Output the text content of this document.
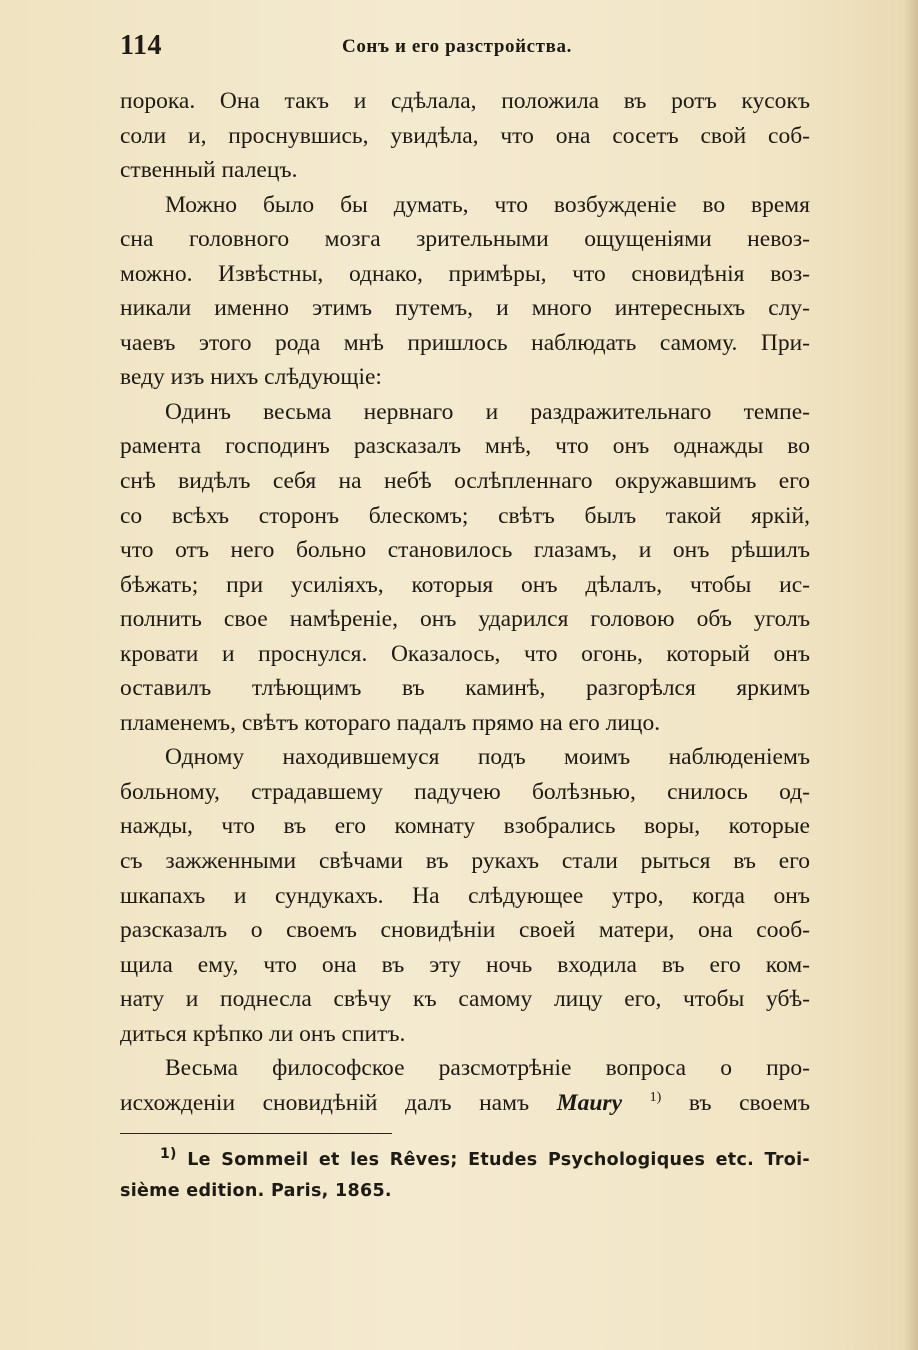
114	Сонъ и его разстройства.
порока. Она такъ и сдѣлала, положила въ ротъ кусокъ
соли и, проснувшись, увидѣла, что она сосетъ свой соб-
ственный палецъ.
Можно было бы думать, что возбужденіе во время
сна головного мозга зрительными ощущеніями невоз-
можно. Извѣстны, однако, примѣры, что сновидѣнія воз-
никали именно этимъ путемъ, и много интересныхъ слу-
чаевъ этого рода мнѣ пришлось наблюдать самому. При-
веду изъ нихъ слѣдующіе:
Одинъ весьма нервнаго и раздражительнаго темпе-
рамента господинъ разсказалъ мнѣ, что онъ однажды во
снѣ видѣлъ себя на небѣ ослѣпленнаго окружавшимъ его
со всѣхъ сторонъ блескомъ; свѣтъ былъ такой яркій,
что отъ него больно становилось глазамъ, и онъ рѣшилъ
бѣжать; при усиліяхъ, которыя онъ дѣлалъ, чтобы ис-
полнить свое намѣреніе, онъ ударился головою объ уголъ
кровати и проснулся. Оказалось, что огонь, который онъ
оставилъ тлѣющимъ въ каминѣ, разгорѣлся яркимъ
пламенемъ, свѣтъ котораго падалъ прямо на его лицо.
Одному находившемуся подъ моимъ наблюденіемъ
больному, страдавшему падучею болѣзнью, снилось од-
нажды, что въ его комнату взобрались воры, которые
съ зажженными свѣчами въ рукахъ стали рыться въ его
шкапахъ и сундукахъ. На слѣдующее утро, когда онъ
разсказалъ о своемъ сновидѣніи своей матери, она сооб-
щила ему, что она въ эту ночь входила въ его ком-
нату и поднесла свѣчу къ самому лицу его, чтобы убѣ-
диться крѣпко ли онъ спитъ.
Весьма философское разсмотрѣніе вопроса о про-
исхожденіи сновидѣній далъ намъ Maury $^{1)}$ въ своемъ
$^{1)}$ Le Sommeil et les Rêves; Etudes Psychologiques etc. Troi-
sième edition. Paris, 1865.
